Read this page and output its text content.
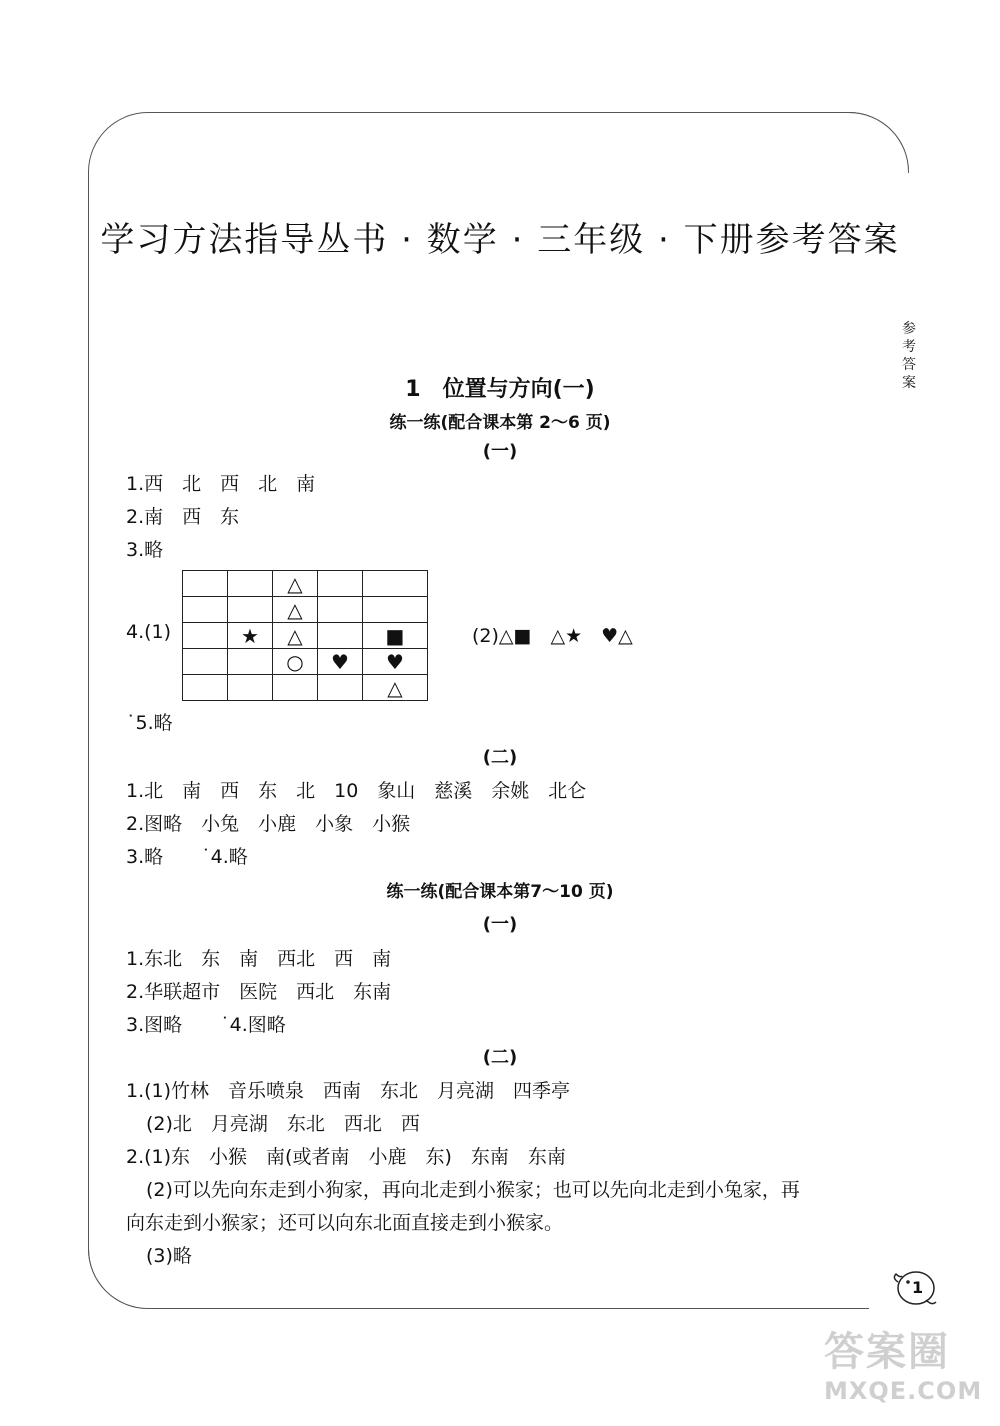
学习方法指导丛书 · 数学 · 三年级 · 下册参考答案
参考答案
1　位置与方向(一)
练一练(配合课本第 2～6 页)
(一)
1.西　北　西　北　南
2.南　西　东
3.略
4.(1)
		△		
		△		
	★	△		■
		○	♥	♥
				△
(2)△■　△★　♥△
˙5.略
(二)
1.北　南　西　东　北　10　象山　慈溪　余姚　北仑
2.图略　小兔　小鹿　小象　小猴
3.略　　˙4.略
练一练(配合课本第7～10 页)
(一)
1.东北　东　南　西北　西　南
2.华联超市　医院　西北　东南
3.图略　　˙4.图略
(二)
1.(1)竹林　音乐喷泉　西南　东北　月亮湖　四季亭
(2)北　月亮湖　东北　西北　西
2.(1)东　小猴　南(或者南　小鹿　东)　东南　东南
(2)可以先向东走到小狗家，再向北走到小猴家；也可以先向北走到小兔家，再
向东走到小猴家；还可以向东北面直接走到小猴家。
(3)略
1
答案圈
MXQE.COM
